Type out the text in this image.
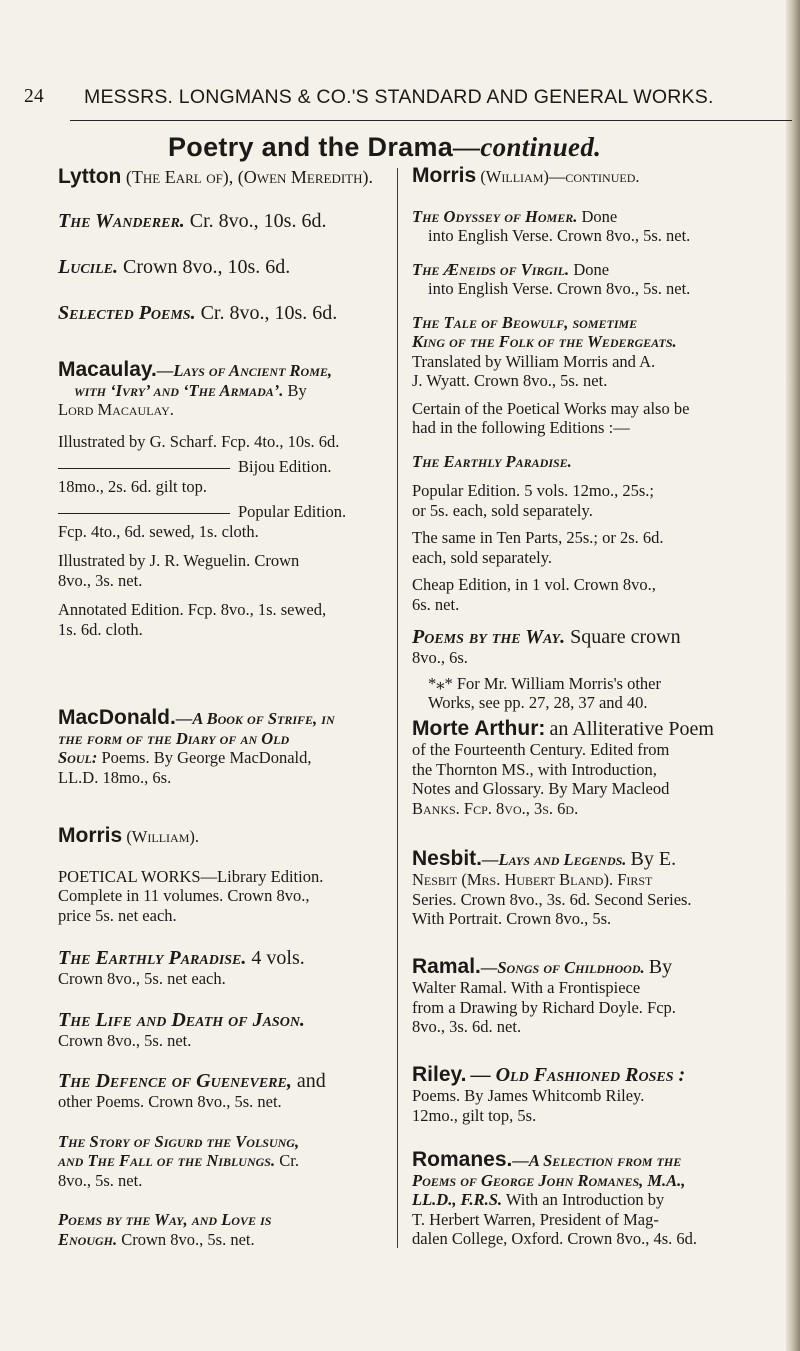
24 MESSRS. LONGMANS & CO.'S STANDARD AND GENERAL WORKS.
Poetry and the Drama—continued.
Lytton (The Earl of), (Owen Meredith).
The Wanderer. Cr. 8vo., 10s. 6d.
Lucile. Crown 8vo., 10s. 6d.
Selected Poems. Cr. 8vo., 10s. 6d.
Macaulay.—Lays of Ancient Rome,
with ‘Ivry’ and ‘The Armada’. By
Lord Macaulay.
Illustrated by G. Scharf. Fcp. 4to., 10s. 6d.
Bijou Edition.
18mo., 2s. 6d. gilt top.
Popular Edition.
Fcp. 4to., 6d. sewed, 1s. cloth.
Illustrated by J. R. Weguelin. Crown
8vo., 3s. net.
Annotated Edition. Fcp. 8vo., 1s. sewed,
1s. 6d. cloth.
MacDonald.—A Book of Strife, in
the form of the Diary of an Old
Soul: Poems. By George MacDonald,
LL.D. 18mo., 6s.
Morris (William).
POETICAL WORKS—Library Edition.
Complete in 11 volumes. Crown 8vo.,
price 5s. net each.
The Earthly Paradise. 4 vols.
Crown 8vo., 5s. net each.
The Life and Death of Jason.
Crown 8vo., 5s. net.
The Defence of Guenevere, and
other Poems. Crown 8vo., 5s. net.
The Story of Sigurd the Volsung,
and The Fall of the Niblungs. Cr.
8vo., 5s. net.
Poems by the Way, and Love is
Enough. Crown 8vo., 5s. net.
Morris (William)—continued.
The Odyssey of Homer. Done
into English Verse. Crown 8vo., 5s. net.
The Æneids of Virgil. Done
into English Verse. Crown 8vo., 5s. net.
The Tale of Beowulf, sometime
King of the Folk of the Wedergeats.
Translated by William Morris and A.
J. Wyatt. Crown 8vo., 5s. net.
Certain of the Poetical Works may also be
had in the following Editions :—
The Earthly Paradise.
Popular Edition. 5 vols. 12mo., 25s.;
or 5s. each, sold separately.
The same in Ten Parts, 25s.; or 2s. 6d.
each, sold separately.
Cheap Edition, in 1 vol. Crown 8vo.,
6s. net.
Poems by the Way. Square crown
8vo., 6s.
*⁎* For Mr. William Morris's other
Works, see pp. 27, 28, 37 and 40.
Morte Arthur: an Alliterative Poem
of the Fourteenth Century. Edited from
the Thornton MS., with Introduction,
Notes and Glossary. By Mary Macleod
Banks. Fcp. 8vo., 3s. 6d.
Nesbit.—Lays and Legends. By E.
Nesbit (Mrs. Hubert Bland). First
Series. Crown 8vo., 3s. 6d. Second Series.
With Portrait. Crown 8vo., 5s.
Ramal.—Songs of Childhood. By
Walter Ramal. With a Frontispiece
from a Drawing by Richard Doyle. Fcp.
8vo., 3s. 6d. net.
Riley. — Old Fashioned Roses :
Poems. By James Whitcomb Riley.
12mo., gilt top, 5s.
Romanes.—A Selection from the
Poems of George John Romanes, M.A.,
LL.D., F.R.S. With an Introduction by
T. Herbert Warren, President of Mag-
dalen College, Oxford. Crown 8vo., 4s. 6d.
